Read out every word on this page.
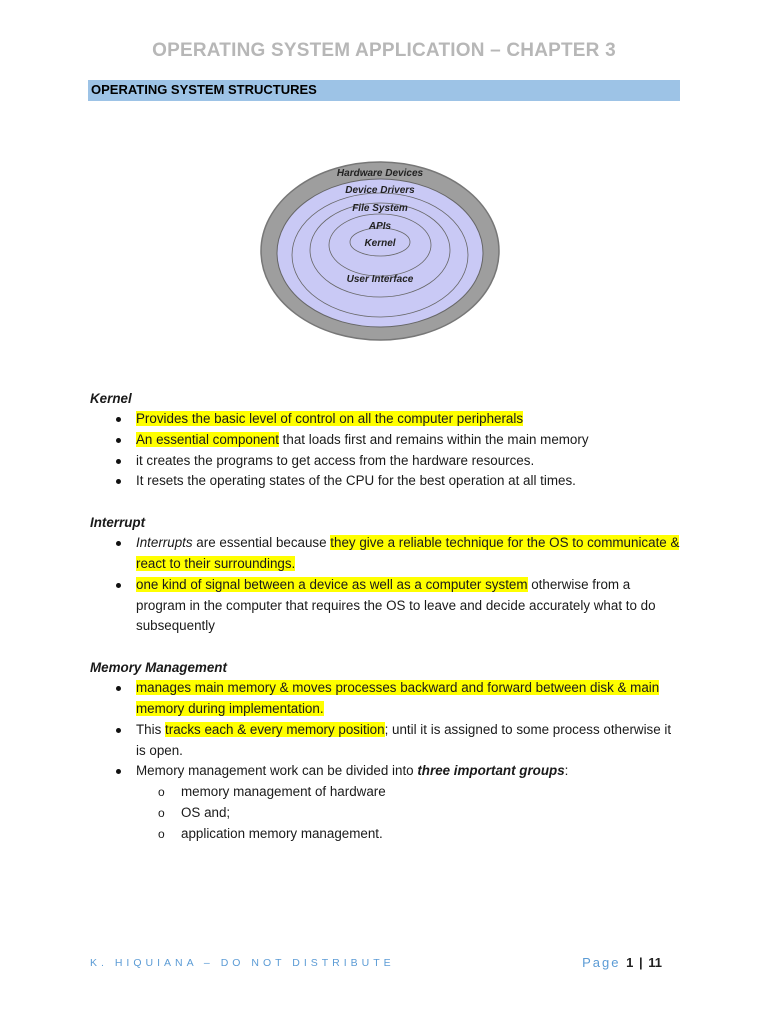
OPERATING SYSTEM APPLICATION – CHAPTER 3
OPERATING SYSTEM STRUCTURES
Hardware Devices
Device Drivers
File System
APIs
Kernel
User Interface

Kernel

Provides the basic level of control on all the computer peripherals
An essential component that loads first and remains within the main memory
it creates the programs to get access from the hardware resources.
It resets the operating states of the CPU for the best operation at all times.

Interrupt

Interrupts are essential because they give a reliable technique for the OS to communicate & react to their surroundings.
one kind of signal between a device as well as a computer system otherwise from a program in the computer that requires the OS to leave and decide accurately what to do subsequently

Memory Management

manages main memory & moves processes backward and forward between disk & main memory during implementation.
This tracks each & every memory position; until it is assigned to some process otherwise it is open.
Memory management work can be divided into three important groups:
o memory management of hardware
o OS and;
o application memory management.
K. HIQUIANA – DO NOT DISTRIBUTE	Page 1 | 11
